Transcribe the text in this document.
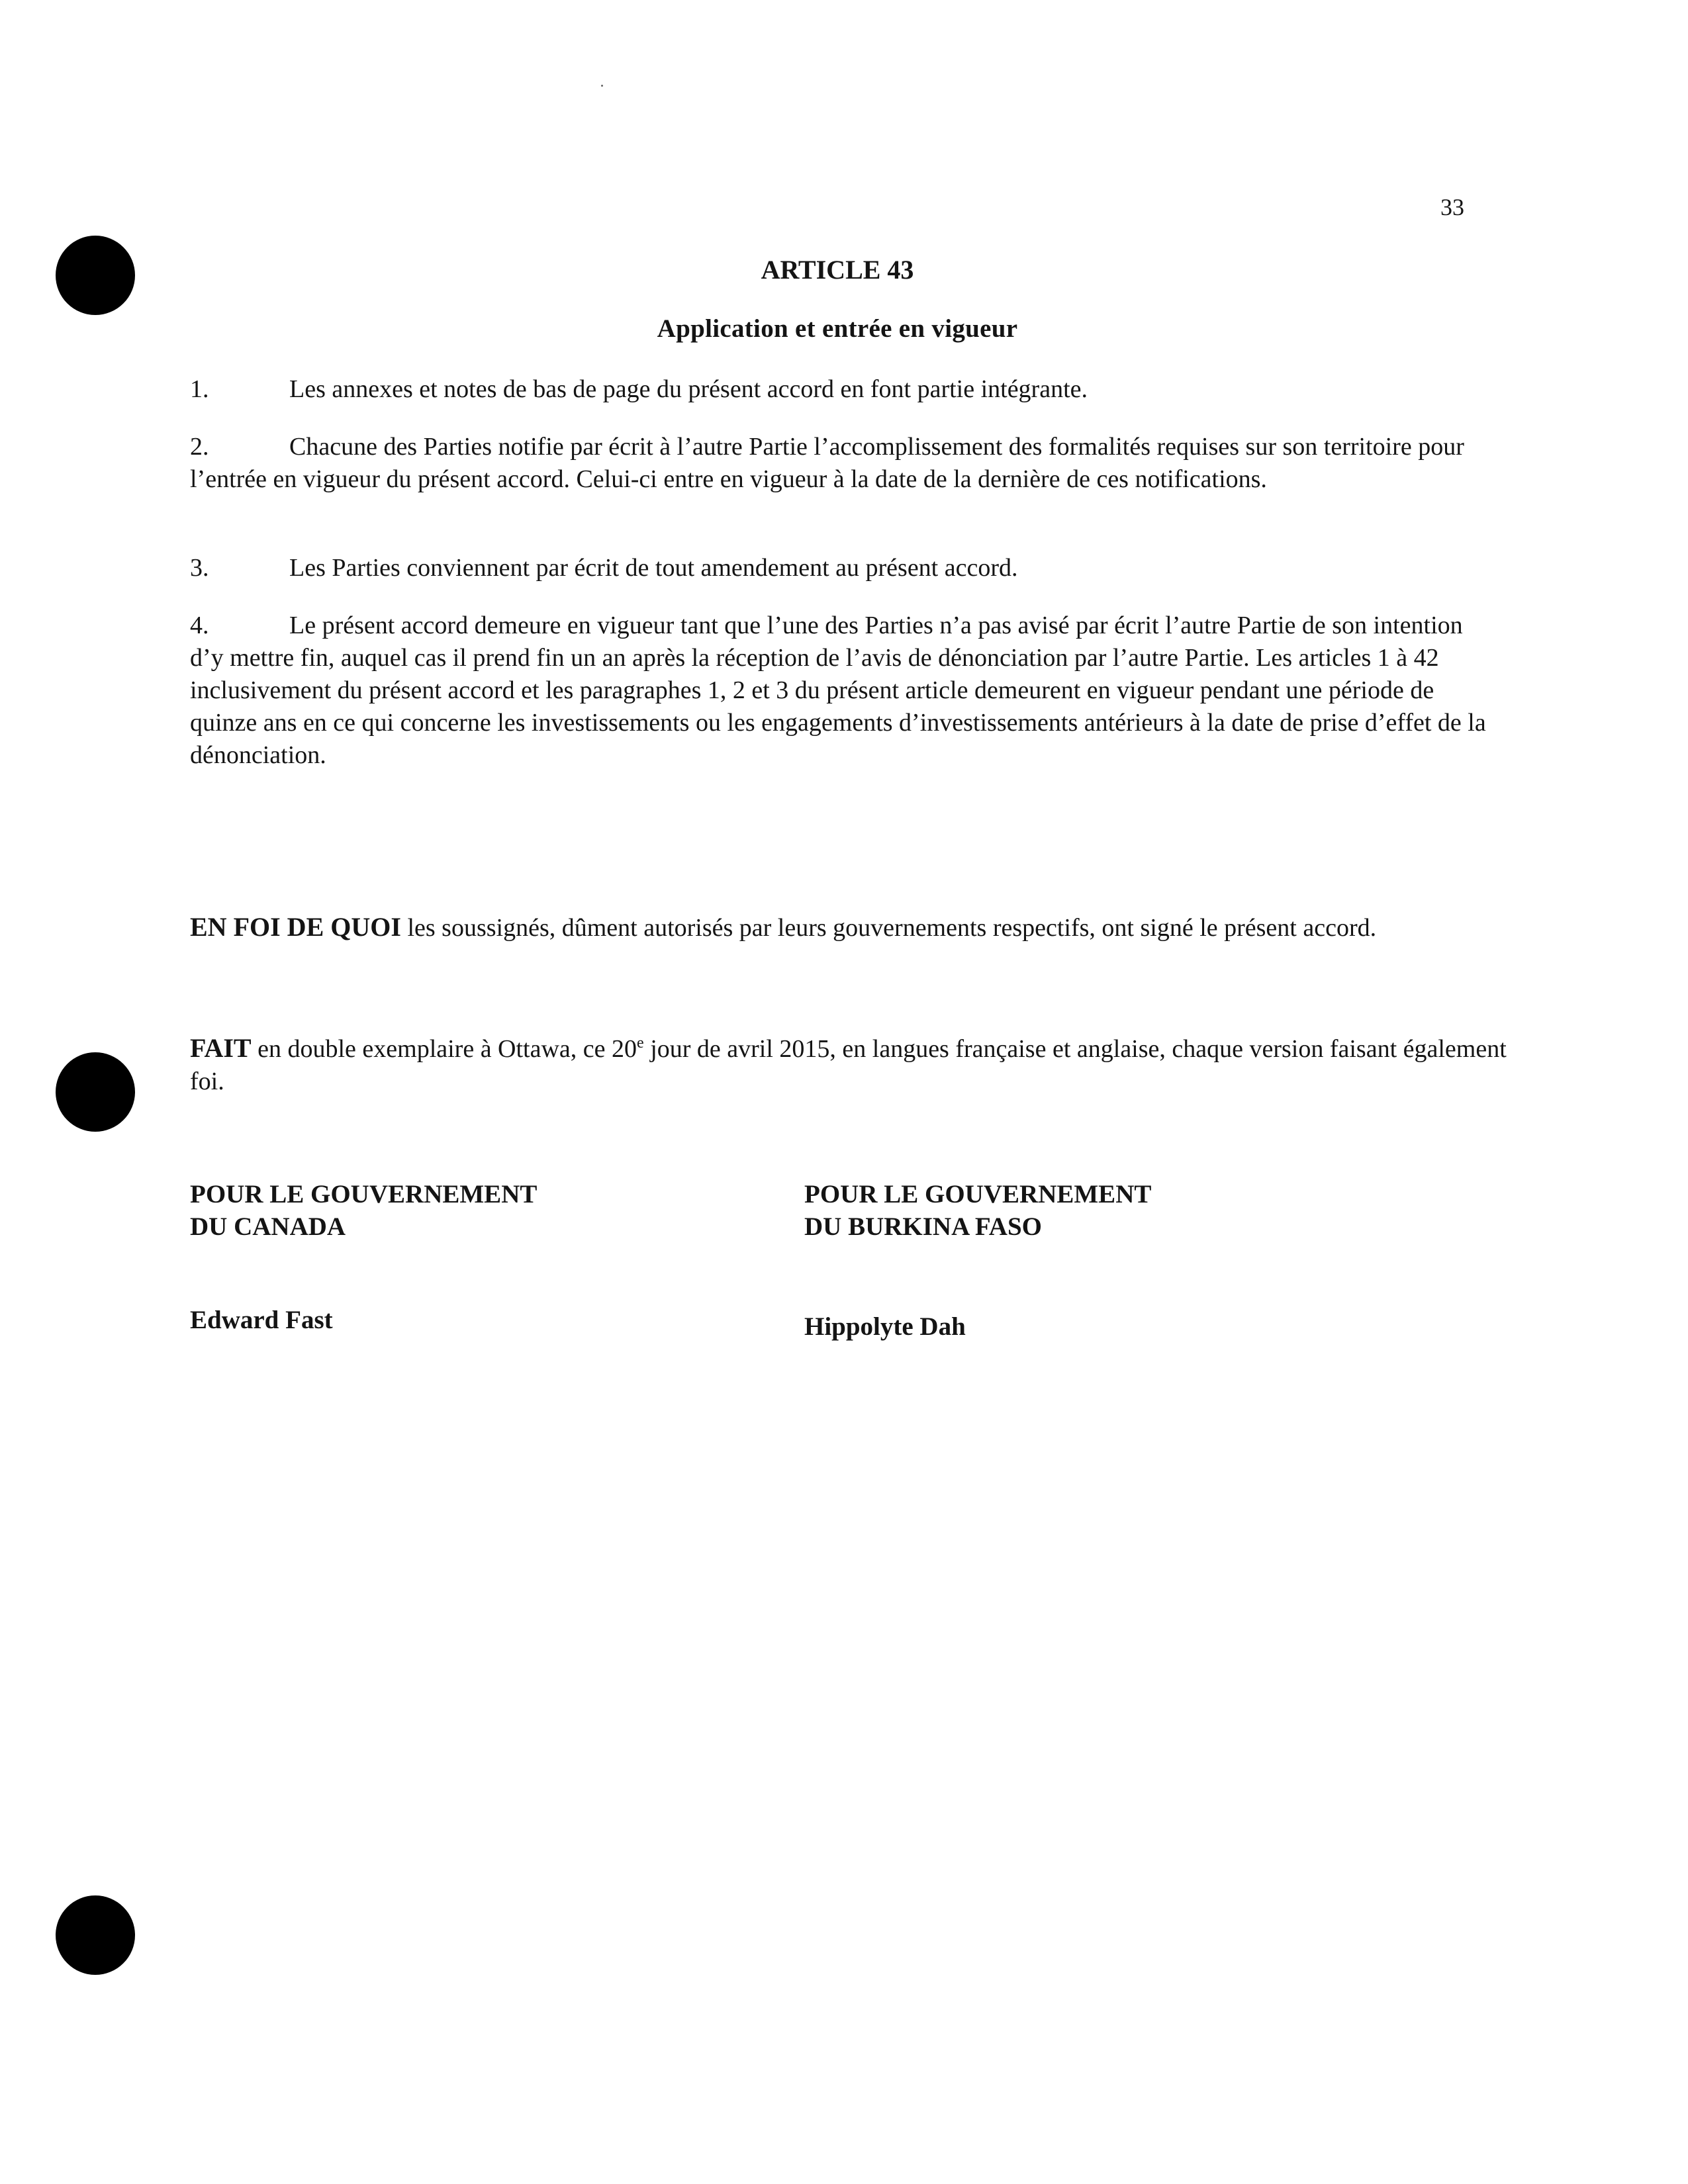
33
ARTICLE 43
Application et entrée en vigueur
1.	Les annexes et notes de bas de page du présent accord en font partie intégrante.
2.	Chacune des Parties notifie par écrit à l’autre Partie l’accomplissement des formalités requises sur son territoire pour l’entrée en vigueur du présent accord. Celui-ci entre en vigueur à la date de la dernière de ces notifications.
3.	Les Parties conviennent par écrit de tout amendement au présent accord.
4.	Le présent accord demeure en vigueur tant que l’une des Parties n’a pas avisé par écrit l’autre Partie de son intention d’y mettre fin, auquel cas il prend fin un an après la réception de l’avis de dénonciation par l’autre Partie. Les articles 1 à 42 inclusivement du présent accord et les paragraphes 1, 2 et 3 du présent article demeurent en vigueur pendant une période de quinze ans en ce qui concerne les investissements ou les engagements d’investissements antérieurs à la date de prise d’effet de la dénonciation.
EN FOI DE QUOI les soussignés, dûment autorisés par leurs gouvernements respectifs, ont signé le présent accord.
FAIT en double exemplaire à Ottawa, ce 20e jour de avril 2015, en langues française et anglaise, chaque version faisant également foi.
POUR LE GOUVERNEMENT
DU CANADA
POUR LE GOUVERNEMENT
DU BURKINA FASO
Edward Fast	Hippolyte Dah
